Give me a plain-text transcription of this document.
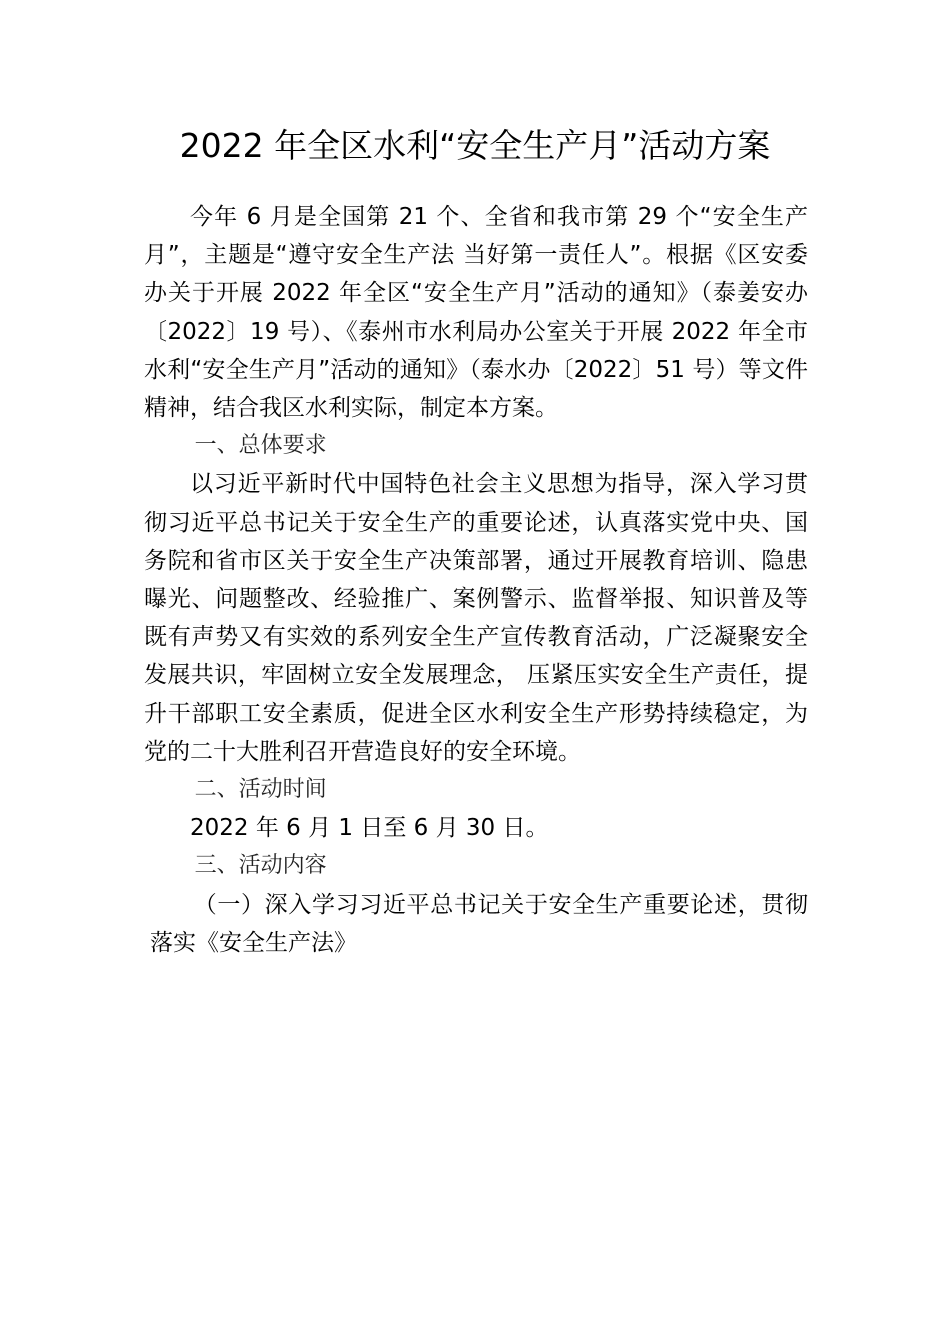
2022 年全区水利“安全生产月”活动方案

今年 6 月是全国第 21 个、全省和我市第 29 个“安全生产月”，主题是“遵守安全生产法 当好第一责任人”。根据《区安委办关于开展 2022 年全区“安全生产月”活动的通知》（泰姜安办〔2022〕19 号）、《泰州市水利局办公室关于开展 2022 年全市水利“安全生产月”活动的通知》（泰水办〔2022〕51 号）等文件精神，结合我区水利实际，制定本方案。

一、总体要求

以习近平新时代中国特色社会主义思想为指导，深入学习贯彻习近平总书记关于安全生产的重要论述，认真落实党中央、国务院和省市区关于安全生产决策部署，通过开展教育培训、隐患曝光、问题整改、经验推广、案例警示、监督举报、知识普及等既有声势又有实效的系列安全生产宣传教育活动，广泛凝聚安全发展共识，牢固树立安全发展理念， 压紧压实安全生产责任，提升干部职工安全素质，促进全区水利安全生产形势持续稳定，为党的二十大胜利召开营造良好的安全环境。

二、活动时间

2022 年 6 月 1 日至 6 月 30 日。

三、活动内容

（一）深入学习习近平总书记关于安全生产重要论述，贯彻落实《安全生产法》
